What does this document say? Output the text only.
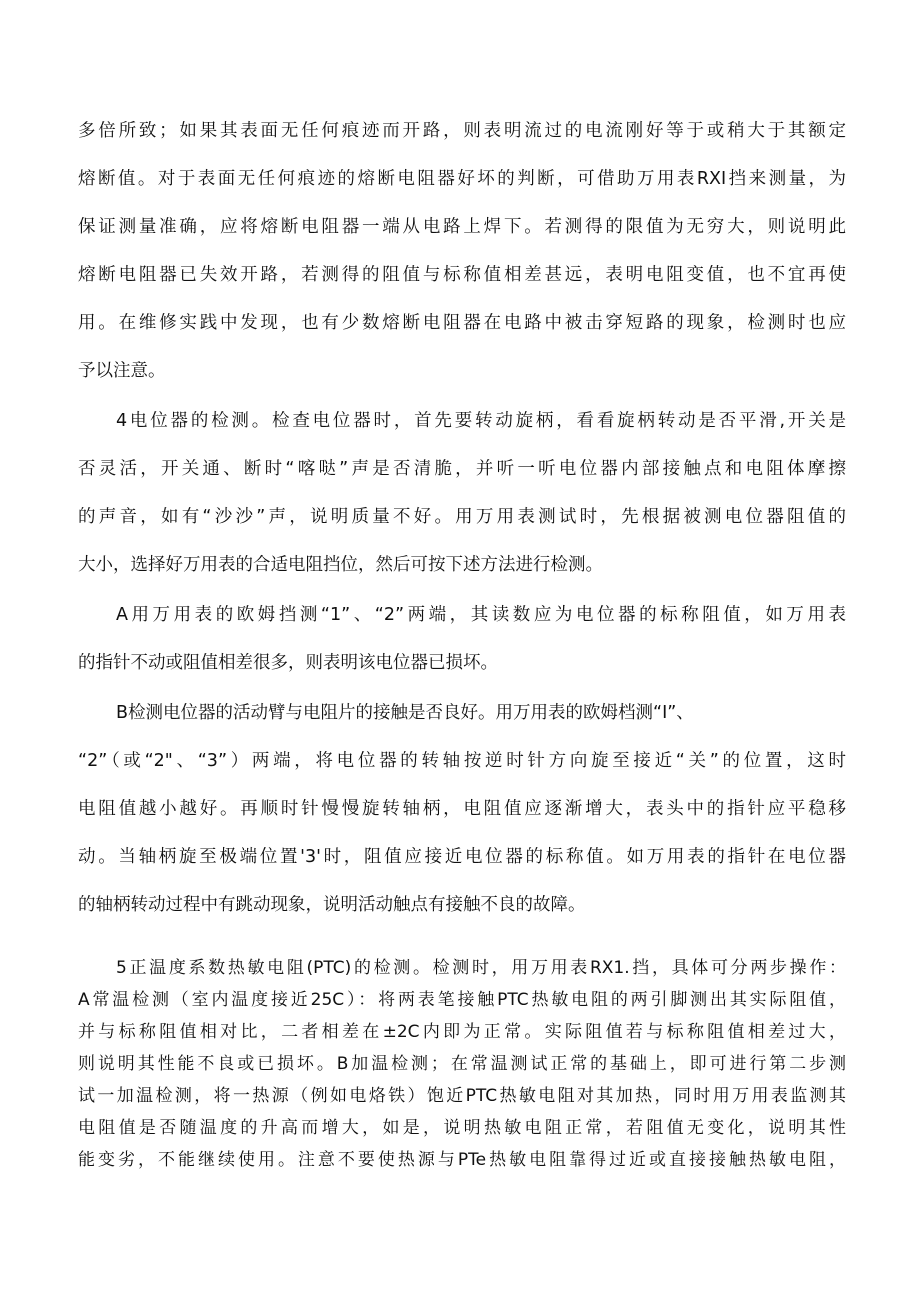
多倍所致；如果其表面无任何痕迹而开路，则表明流过的电流刚好等于或稍大于其额定
熔断值。对于表面无任何痕迹的熔断电阻器好坏的判断，可借助万用表RXI挡来测量，为
保证测量准确，应将熔断电阻器一端从电路上焊下。若测得的限值为无穷大，则说明此
熔断电阻器已失效开路，若测得的阻值与标称值相差甚远，表明电阻变值，也不宜再使
用。在维修实践中发现，也有少数熔断电阻器在电路中被击穿短路的现象，检测时也应
予以注意。
4电位器的检测。检查电位器时，首先要转动旋柄，看看旋柄转动是否平滑,开关是
否灵活，开关通、断时“喀哒”声是否清脆，并听一听电位器内部接触点和电阻体摩擦
的声音，如有“沙沙”声，说明质量不好。用万用表测试时，先根据被测电位器阻值的
大小，选择好万用表的合适电阻挡位，然后可按下述方法进行检测。
A用万用表的欧姆挡测“1”、“2”两端，其读数应为电位器的标称阻值，如万用表
的指针不动或阻值相差很多，则表明该电位器已损坏。
B检测电位器的活动臂与电阻片的接触是否良好。用万用表的欧姆档测“I”、
“2”（或“2"、“3”）两端，将电位器的转轴按逆时针方向旋至接近“关”的位置，这时
电阻值越小越好。再顺时针慢慢旋转轴柄，电阻值应逐渐增大，表头中的指针应平稳移
动。当轴柄旋至极端位置'3'时，阻值应接近电位器的标称值。如万用表的指针在电位器
的轴柄转动过程中有跳动现象，说明活动触点有接触不良的故障。
5正温度系数热敏电阻(PTC)的检测。检测时，用万用表RX1.挡，具体可分两步操作：
A常温检测（室内温度接近25C）：将两表笔接触PTC热敏电阻的两引脚测出其实际阻值，
并与标称阻值相对比，二者相差在±2C内即为正常。实际阻值若与标称阻值相差过大，
则说明其性能不良或已损坏。B加温检测；在常温测试正常的基础上，即可进行第二步测
试一加温检测，将一热源（例如电烙铁）饱近PTC热敏电阻对其加热，同时用万用表监测其
电阻值是否随温度的升高而增大，如是，说明热敏电阻正常，若阻值无变化，说明其性
能变劣，不能继续使用。注意不要使热源与PTe热敏电阻靠得过近或直接接触热敏电阻，
